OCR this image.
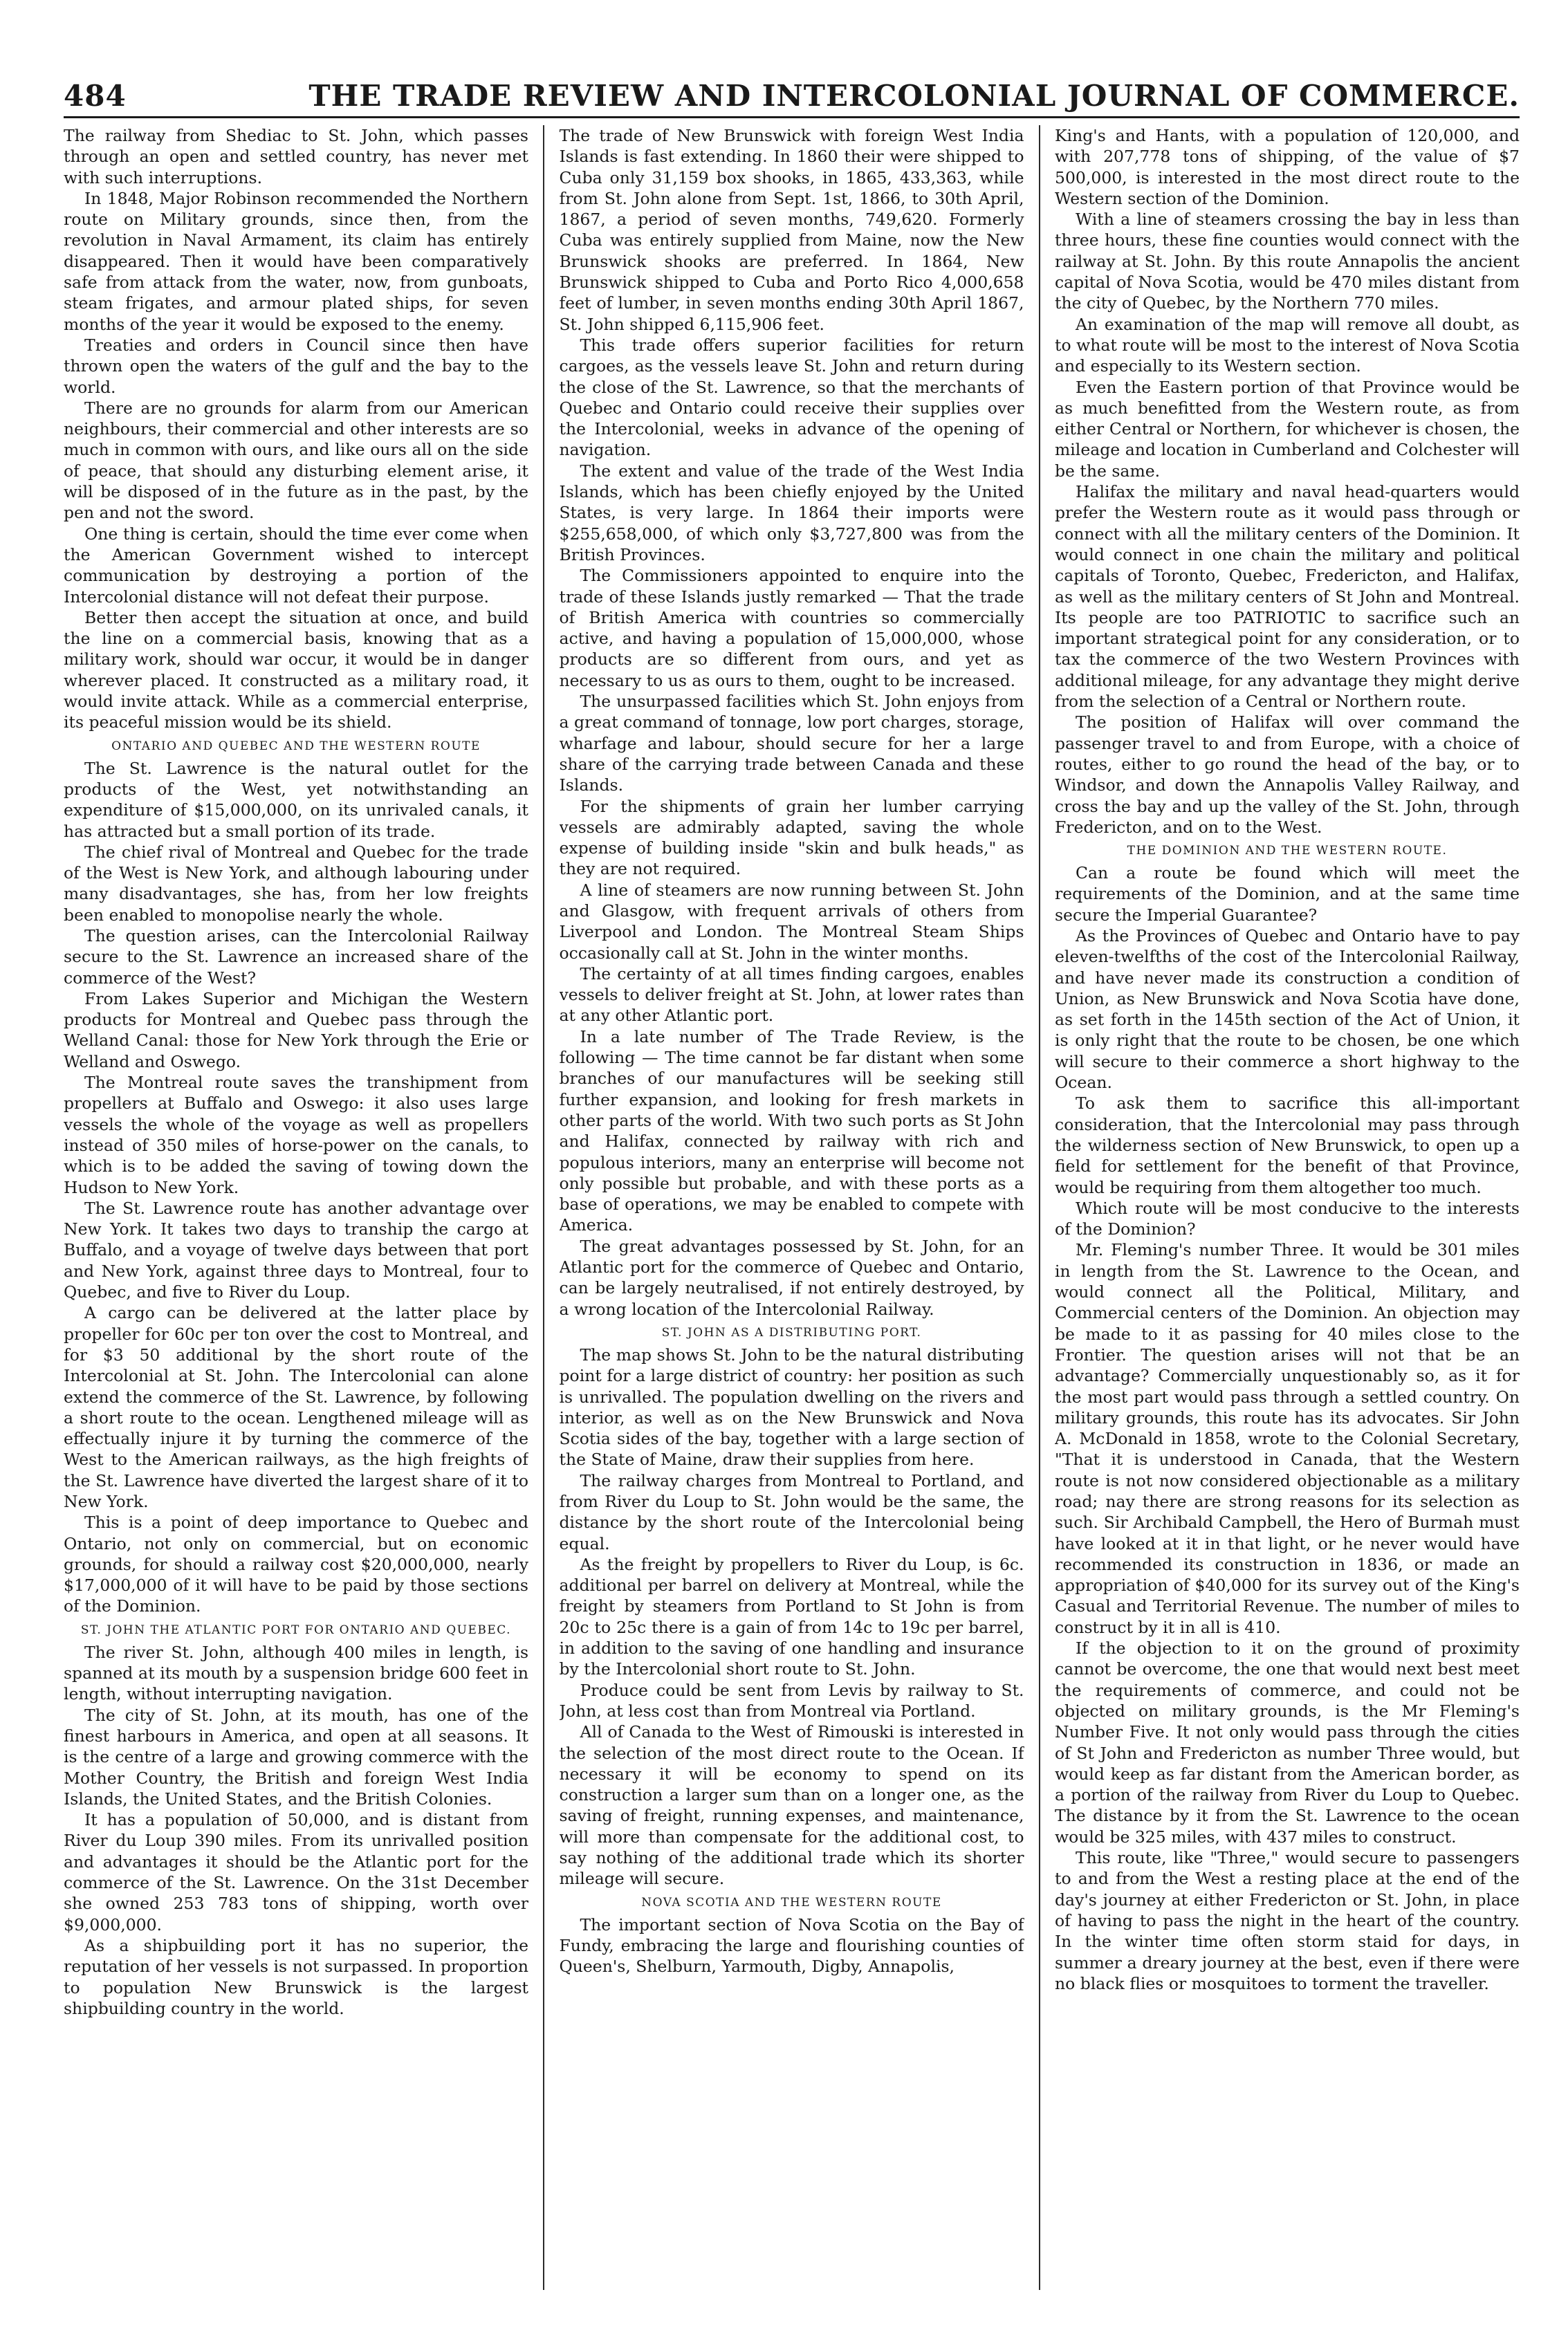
484	THE TRADE REVIEW AND INTERCOLONIAL JOURNAL OF COMMERCE.

The railway from Shediac to St. John, which passes through an open and settled country, has never met with such interruptions.

In 1848, Major Robinson recommended the Northern route on Military grounds, since then, from the revolution in Naval Armament, its claim has entirely disappeared. Then it would have been comparatively safe from attack from the water, now, from gunboats, steam frigates, and armour plated ships, for seven months of the year it would be exposed to the enemy.

Treaties and orders in Council since then have thrown open the waters of the gulf and the bay to the world.

There are no grounds for alarm from our American neighbours, their commercial and other interests are so much in common with ours, and like ours all on the side of peace, that should any disturbing element arise, it will be disposed of in the future as in the past, by the pen and not the sword.

One thing is certain, should the time ever come when the American Government wished to intercept communication by destroying a portion of the Intercolonial distance will not defeat their purpose.

Better then accept the situation at once, and build the line on a commercial basis, knowing that as a military work, should war occur, it would be in danger wherever placed. It constructed as a military road, it would invite attack. While as a commercial enterprise, its peaceful mission would be its shield.

ONTARIO AND QUEBEC AND THE WESTERN ROUTE

The St. Lawrence is the natural outlet for the products of the West, yet notwithstanding an expenditure of $15,000,000, on its unrivaled canals, it has attracted but a small portion of its trade.

The chief rival of Montreal and Quebec for the trade of the West is New York, and although labouring under many disadvantages, she has, from her low freights been enabled to monopolise nearly the whole.

The question arises, can the Intercolonial Railway secure to the St. Lawrence an increased share of the commerce of the West?

From Lakes Superior and Michigan the Western products for Montreal and Quebec pass through the Welland Canal: those for New York through the Erie or Welland and Oswego.

The Montreal route saves the transhipment from propellers at Buffalo and Oswego: it also uses large vessels the whole of the voyage as well as propellers instead of 350 miles of horse-power on the canals, to which is to be added the saving of towing down the Hudson to New York.

The St. Lawrence route has another advantage over New York. It takes two days to tranship the cargo at Buffalo, and a voyage of twelve days between that port and New York, against three days to Montreal, four to Quebec, and five to River du Loup.

A cargo can be delivered at the latter place by propeller for 60c per ton over the cost to Montreal, and for $3 50 additional by the short route of the Intercolonial at St. John. The Intercolonial can alone extend the commerce of the St. Lawrence, by following a short route to the ocean. Lengthened mileage will as effectually injure it by turning the commerce of the West to the American railways, as the high freights of the St. Lawrence have diverted the largest share of it to New York.

This is a point of deep importance to Quebec and Ontario, not only on commercial, but on economic grounds, for should a railway cost $20,000,000, nearly $17,000,000 of it will have to be paid by those sections of the Dominion.

ST. JOHN THE ATLANTIC PORT FOR ONTARIO AND QUEBEC.

The river St. John, although 400 miles in length, is spanned at its mouth by a suspension bridge 600 feet in length, without interrupting navigation.

The city of St. John, at its mouth, has one of the finest harbours in America, and open at all seasons. It is the centre of a large and growing commerce with the Mother Country, the British and foreign West India Islands, the United States, and the British Colonies.

It has a population of 50,000, and is distant from River du Loup 390 miles. From its unrivalled position and advantages it should be the Atlantic port for the commerce of the St. Lawrence. On the 31st December she owned 253 783 tons of shipping, worth over $9,000,000.

As a shipbuilding port it has no superior, the reputation of her vessels is not surpassed. In proportion to population New Brunswick is the largest shipbuilding country in the world.

The trade of New Brunswick with foreign West India Islands is fast extending. In 1860 their were shipped to Cuba only 31,159 box shooks, in 1865, 433,363, while from St. John alone from Sept. 1st, 1866, to 30th April, 1867, a period of seven months, 749,620. Formerly Cuba was entirely supplied from Maine, now the New Brunswick shooks are preferred. In 1864, New Brunswick shipped to Cuba and Porto Rico 4,000,658 feet of lumber, in seven months ending 30th April 1867, St. John shipped 6,115,906 feet.

This trade offers superior facilities for return cargoes, as the vessels leave St. John and return during the close of the St. Lawrence, so that the merchants of Quebec and Ontario could receive their supplies over the Intercolonial, weeks in advance of the opening of navigation.

The extent and value of the trade of the West India Islands, which has been chiefly enjoyed by the United States, is very large. In 1864 their imports were $255,658,000, of which only $3,727,800 was from the British Provinces.

The Commissioners appointed to enquire into the trade of these Islands justly remarked — That the trade of British America with countries so commercially active, and having a population of 15,000,000, whose products are so different from ours, and yet as necessary to us as ours to them, ought to be increased.

The unsurpassed facilities which St. John enjoys from a great command of tonnage, low port charges, storage, wharfage and labour, should secure for her a large share of the carrying trade between Canada and these Islands.

For the shipments of grain her lumber carrying vessels are admirably adapted, saving the whole expense of building inside "skin and bulk heads," as they are not required.

A line of steamers are now running between St. John and Glasgow, with frequent arrivals of others from Liverpool and London. The Montreal Steam Ships occasionally call at St. John in the winter months.

The certainty of at all times finding cargoes, enables vessels to deliver freight at St. John, at lower rates than at any other Atlantic port.

In a late number of The Trade Review, is the following — The time cannot be far distant when some branches of our manufactures will be seeking still further expansion, and looking for fresh markets in other parts of the world. With two such ports as St John and Halifax, connected by railway with rich and populous interiors, many an enterprise will become not only possible but probable, and with these ports as a base of operations, we may be enabled to compete with America.

The great advantages possessed by St. John, for an Atlantic port for the commerce of Quebec and Ontario, can be largely neutralised, if not entirely destroyed, by a wrong location of the Intercolonial Railway.

ST. JOHN AS A DISTRIBUTING PORT.

The map shows St. John to be the natural distributing point for a large district of country: her position as such is unrivalled. The population dwelling on the rivers and interior, as well as on the New Brunswick and Nova Scotia sides of the bay, together with a large section of the State of Maine, draw their supplies from here.

The railway charges from Montreal to Portland, and from River du Loup to St. John would be the same, the distance by the short route of the Intercolonial being equal.

As the freight by propellers to River du Loup, is 6c. additional per barrel on delivery at Montreal, while the freight by steamers from Portland to St John is from 20c to 25c there is a gain of from 14c to 19c per barrel, in addition to the saving of one handling and insurance by the Intercolonial short route to St. John.

Produce could be sent from Levis by railway to St. John, at less cost than from Montreal via Portland.

All of Canada to the West of Rimouski is interested in the selection of the most direct route to the Ocean. If necessary it will be economy to spend on its construction a larger sum than on a longer one, as the saving of freight, running expenses, and maintenance, will more than compensate for the additional cost, to say nothing of the additional trade which its shorter mileage will secure.

NOVA SCOTIA AND THE WESTERN ROUTE

The important section of Nova Scotia on the Bay of Fundy, embracing the large and flourishing counties of Queen's, Shelburn, Yarmouth, Digby, Annapolis,

King's and Hants, with a population of 120,000, and with 207,778 tons of shipping, of the value of $7 500,000, is interested in the most direct route to the Western section of the Dominion.

With a line of steamers crossing the bay in less than three hours, these fine counties would connect with the railway at St. John. By this route Annapolis the ancient capital of Nova Scotia, would be 470 miles distant from the city of Quebec, by the Northern 770 miles.

An examination of the map will remove all doubt, as to what route will be most to the interest of Nova Scotia and especially to its Western section.

Even the Eastern portion of that Province would be as much benefitted from the Western route, as from either Central or Northern, for whichever is chosen, the mileage and location in Cumberland and Colchester will be the same.

Halifax the military and naval head-quarters would prefer the Western route as it would pass through or connect with all the military centers of the Dominion. It would connect in one chain the military and political capitals of Toronto, Quebec, Fredericton, and Halifax, as well as the military centers of St John and Montreal. Its people are too PATRIOTIC to sacrifice such an important strategical point for any consideration, or to tax the commerce of the two Western Provinces with additional mileage, for any advantage they might derive from the selection of a Central or Northern route.

The position of Halifax will over command the passenger travel to and from Europe, with a choice of routes, either to go round the head of the bay, or to Windsor, and down the Annapolis Valley Railway, and cross the bay and up the valley of the St. John, through Fredericton, and on to the West.

THE DOMINION AND THE WESTERN ROUTE.

Can a route be found which will meet the requirements of the Dominion, and at the same time secure the Imperial Guarantee?

As the Provinces of Quebec and Ontario have to pay eleven-twelfths of the cost of the Intercolonial Railway, and have never made its construction a condition of Union, as New Brunswick and Nova Scotia have done, as set forth in the 145th section of the Act of Union, it is only right that the route to be chosen, be one which will secure to their commerce a short highway to the Ocean.

To ask them to sacrifice this all-important consideration, that the Intercolonial may pass through the wilderness section of New Brunswick, to open up a field for settlement for the benefit of that Province, would be requiring from them altogether too much.

Which route will be most conducive to the interests of the Dominion?

Mr. Fleming's number Three. It would be 301 miles in length from the St. Lawrence to the Ocean, and would connect all the Political, Military, and Commercial centers of the Dominion. An objection may be made to it as passing for 40 miles close to the Frontier. The question arises will not that be an advantage? Commercially unquestionably so, as it for the most part would pass through a settled country. On military grounds, this route has its advocates. Sir John A. McDonald in 1858, wrote to the Colonial Secretary, "That it is understood in Canada, that the Western route is not now considered objectionable as a military road; nay there are strong reasons for its selection as such. Sir Archibald Campbell, the Hero of Burmah must have looked at it in that light, or he never would have recommended its construction in 1836, or made an appropriation of $40,000 for its survey out of the King's Casual and Territorial Revenue. The number of miles to construct by it in all is 410.

If the objection to it on the ground of proximity cannot be overcome, the one that would next best meet the requirements of commerce, and could not be objected on military grounds, is the Mr Fleming's Number Five. It not only would pass through the cities of St John and Fredericton as number Three would, but would keep as far distant from the American border, as a portion of the railway from River du Loup to Quebec. The distance by it from the St. Lawrence to the ocean would be 325 miles, with 437 miles to construct.

This route, like "Three," would secure to passengers to and from the West a resting place at the end of the day's journey at either Fredericton or St. John, in place of having to pass the night in the heart of the country. In the winter time often storm staid for days, in summer a dreary journey at the best, even if there were no black flies or mosquitoes to torment the traveller.
